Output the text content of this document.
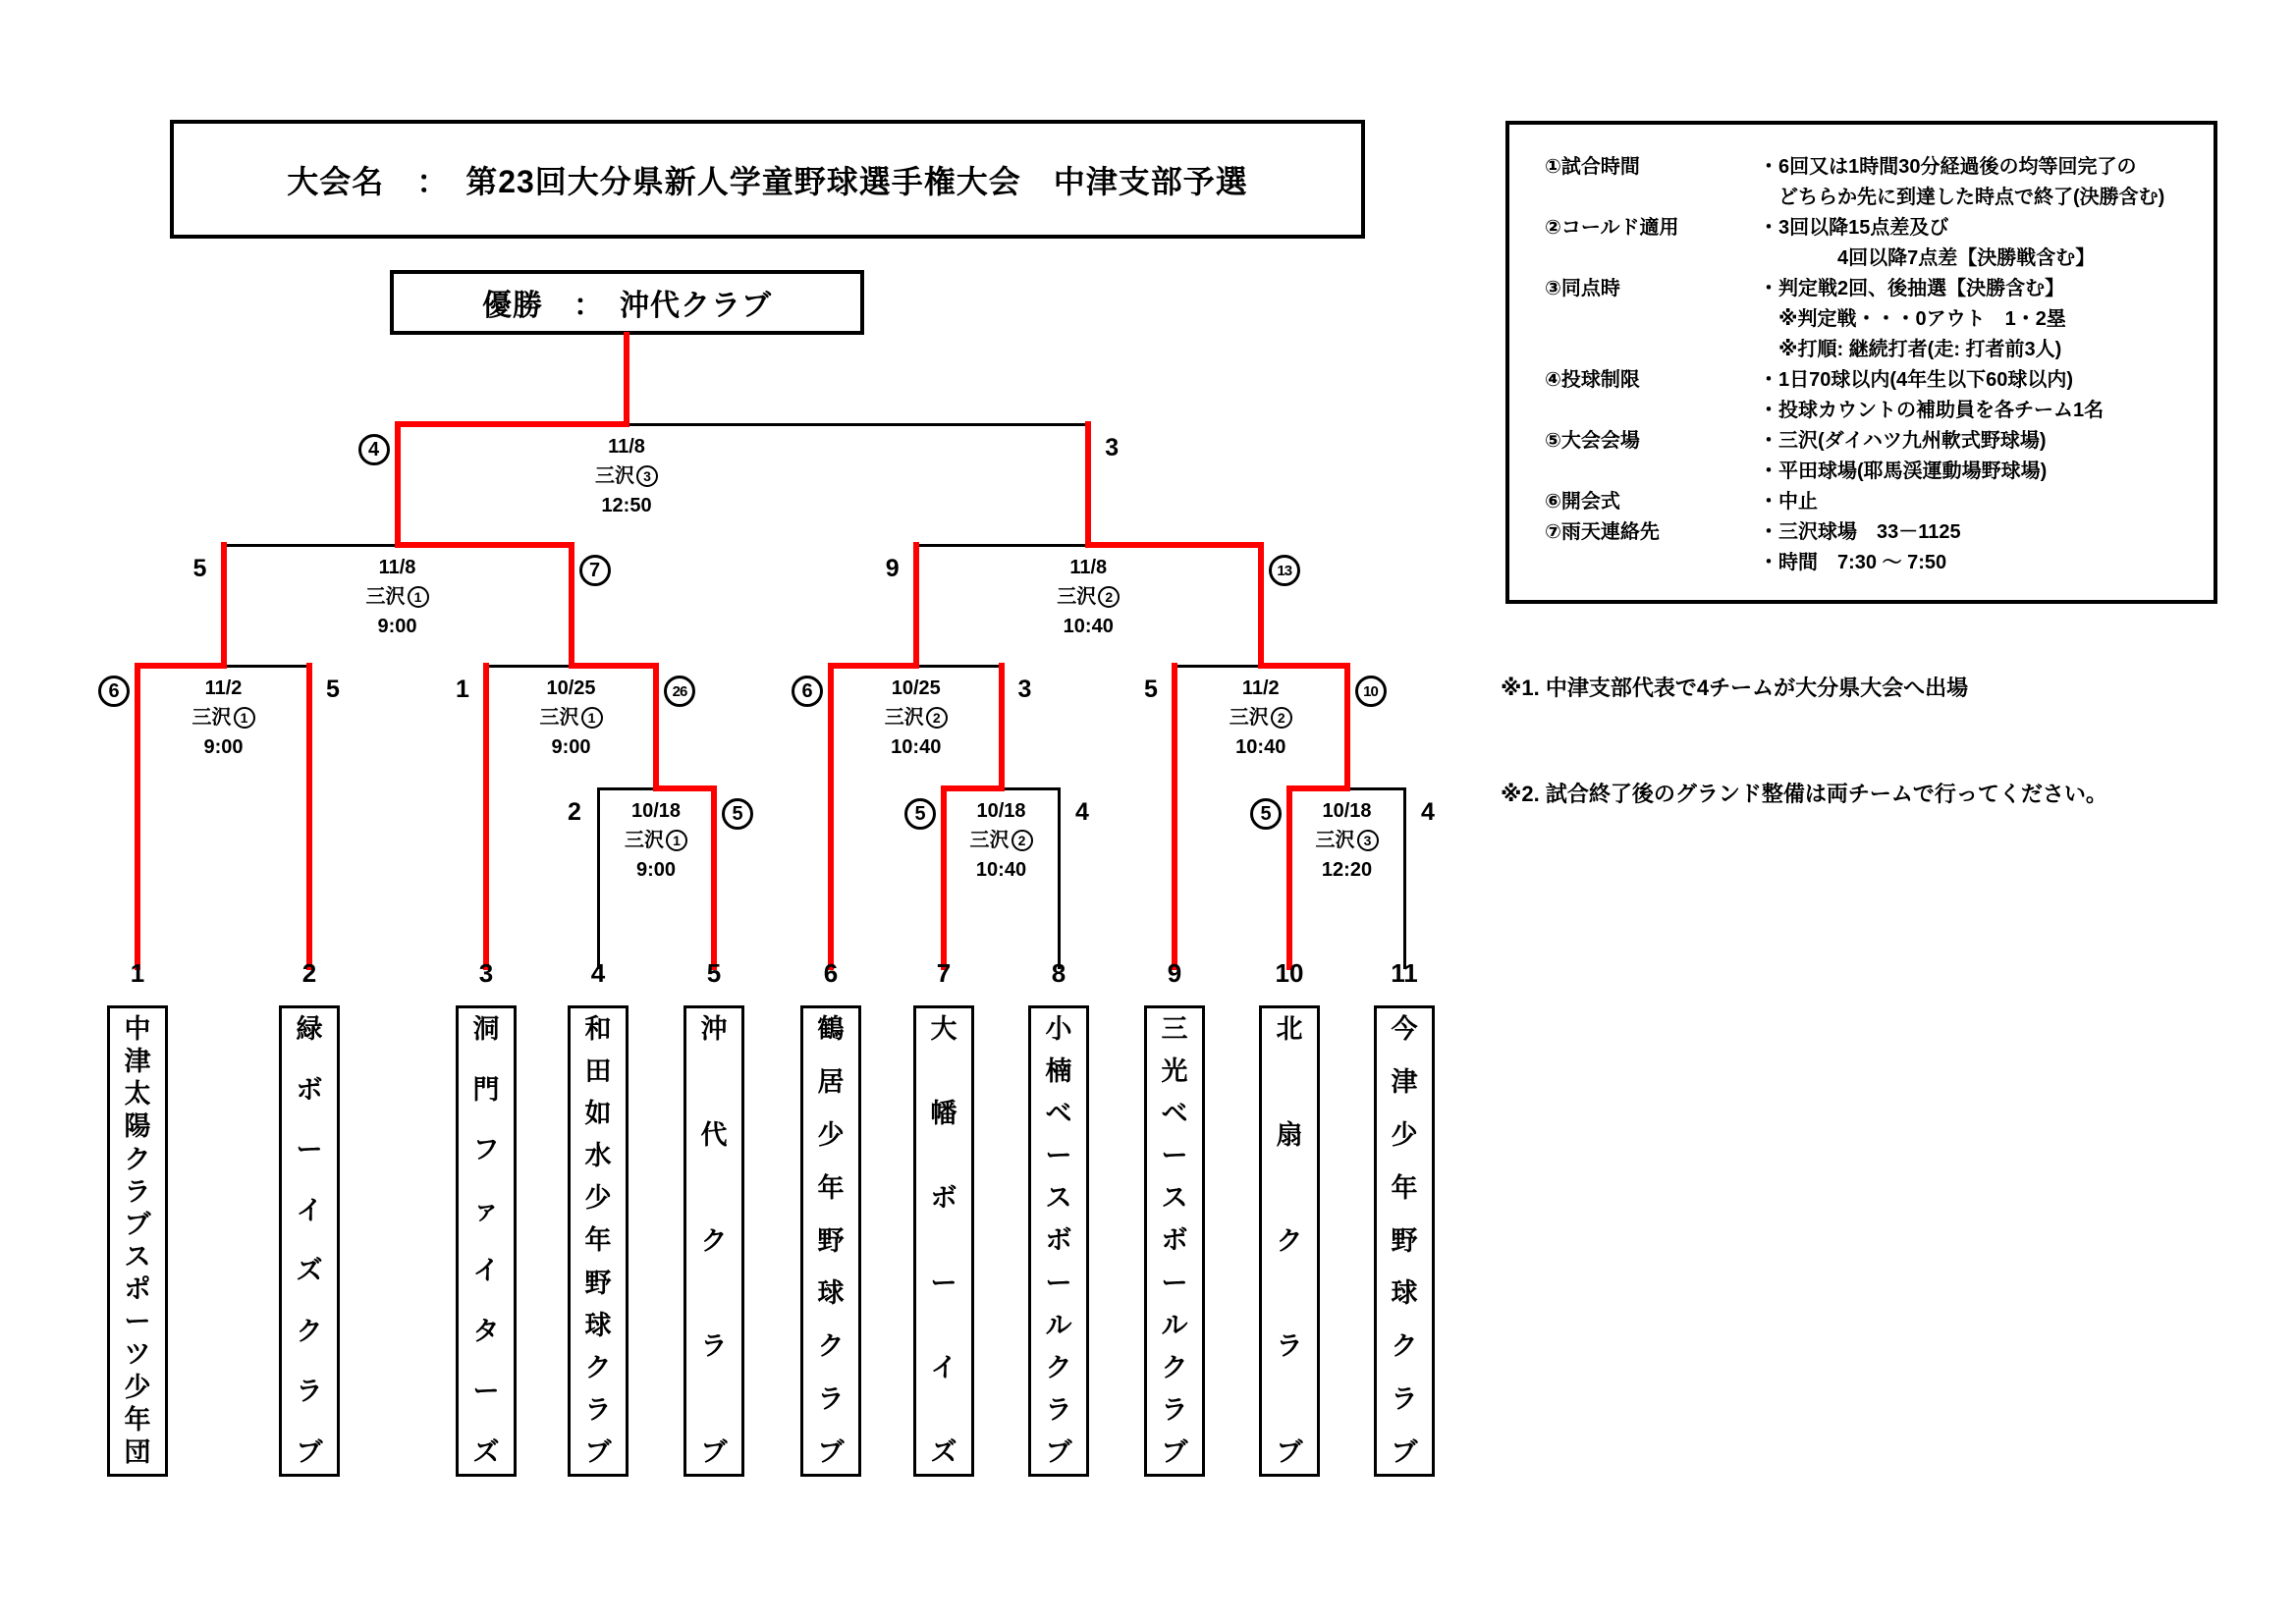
大会名　：　第23回大分県新人学童野球選手権大会　中津支部予選
優勝　：　沖代クラブ
11/8
三沢 3
12:50
4	3
11/8
三沢 1
9:00
5	7	11/8
三沢 2
10:40
9	13
11/2
三沢 1
9:00
6	5	10/25
三沢 1
9:00
1	26	10/25
三沢 2
10:40
6	3	11/2
三沢 2
10:40
5	10
10/18
三沢 1
9:00
2	5	10/18
三沢 2
10:40
5	4	10/18
三沢 3
12:20
5	4
1
中
津
太
陽
ク
ラ
ブ
ス
ポ
ー
ツ
少
年
団
2
緑
ボ
ー
イ
ズ
ク
ラ
ブ
3
洞
門
フ
ァ
イ
タ
ー
ズ
4
和
田
如
水
少
年
野
球
ク
ラ
ブ
5
沖
代
ク
ラ
ブ
6
鶴
居
少
年
野
球
ク
ラ
ブ
7
大
幡
ボ
ー
イ
ズ
8
小
楠
ベ
ー
ス
ボ
ー
ル
ク
ラ
ブ
9
三
光
ベ
ー
ス
ボ
ー
ル
ク
ラ
ブ
10
北
扇
ク
ラ
ブ
11
今
津
少
年
野
球
ク
ラ
ブ
①試合時間	・6回又は1時間30分経過後の均等回完了の
　どちらか先に到達した時点で終了(決勝含む)
②コールド適用	・3回以降15点差及び
　　　　4回以降7点差【決勝戦含む】
③同点時	・判定戦2回、後抽選【決勝含む】
　※判定戦・・・0アウト　1・2塁
　※打順: 継続打者(走: 打者前3人)
④投球制限	・1日70球以内(4年生以下60球以内)
・投球カウントの補助員を各チーム1名
⑤大会会場	・三沢(ダイハツ九州軟式野球場)
・平田球場(耶馬渓運動場野球場)
⑥開会式	・中止
⑦雨天連絡先	・三沢球場　33－1125
・時間　7:30 ～ 7:50
※1. 中津支部代表で4チームが大分県大会へ出場
※2. 試合終了後のグランド整備は両チームで行ってください。
